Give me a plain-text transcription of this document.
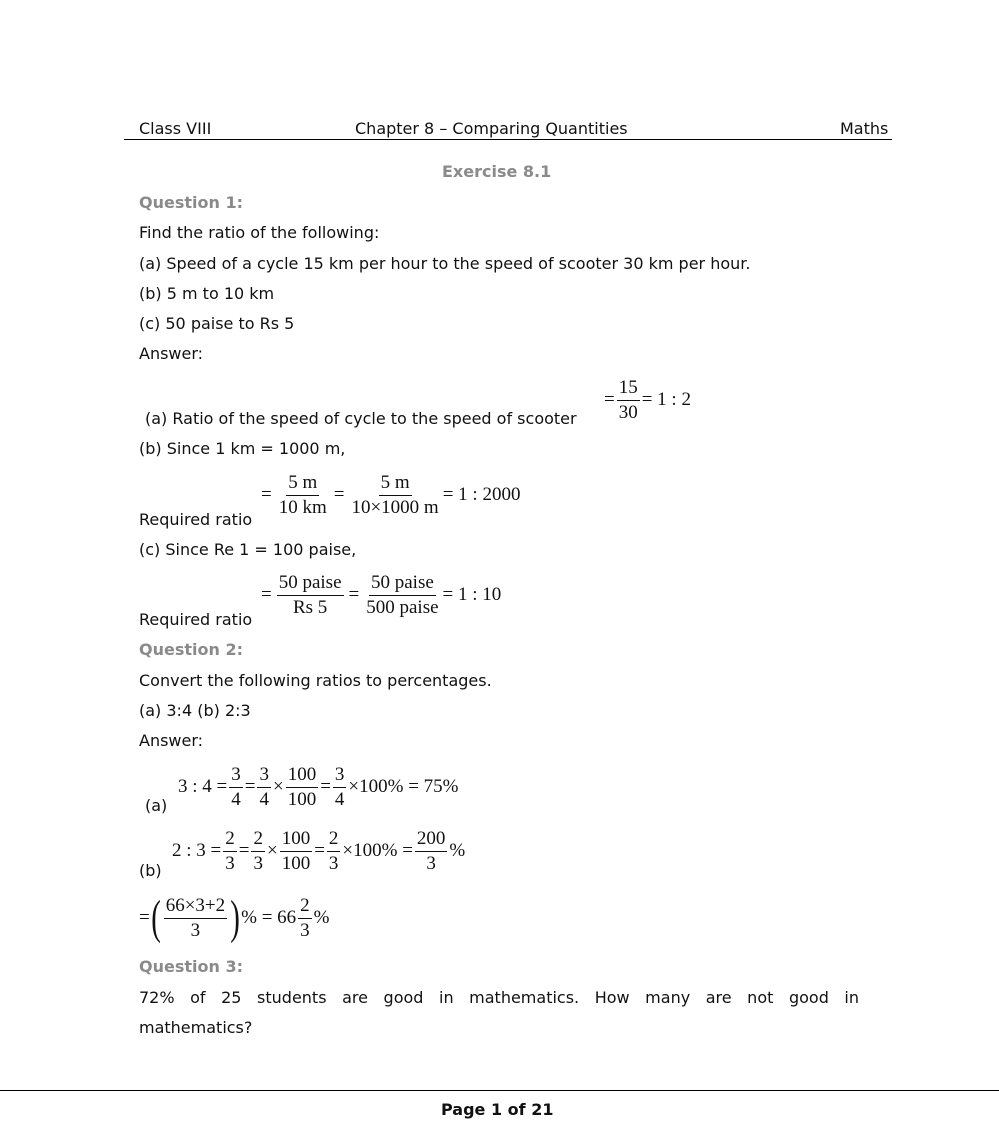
Class VIII	Chapter 8 – Comparing Quantities	Maths
Exercise 8.1
Question 1:
Find the ratio of the following:
(a) Speed of a cycle 15 km per hour to the speed of scooter 30 km per hour.
(b) 5 m to 10 km
(c) 50 paise to Rs 5
Answer:
= $\frac{15}{30} = 1$ : 2
(a) Ratio of the speed of cycle to the speed of scooter
(b) Since 1 km = 1000 m,
= $\frac{5 m}{10 km} = \frac{5 m}{10\times 1000 m} = 1$ : 2000
Required ratio
(c) Since Re 1 = 100 paise,
= $\frac{\text{50 paise}}{Rs 5} = \frac{\text{50 paise}}{\text{500 paise}} = 1$ : 10
Required ratio
Question 2:
Convert the following ratios to percentages.
(a) 3:4 (b) 2:3
Answer:
3 : $4 = \frac{3}{4} = \frac{3}{4} \times \frac{100}{100} = \frac{3}{4} \times 100\% = 75\%$
(a)
2 : $3 = \frac{2}{3} = \frac{2}{3} \times \frac{100}{100} = \frac{2}{3} \times 100\% = \frac{200}{3}$ %
(b)
= ( $\frac{66\times 3+2}{3}$ ) % = $66 \frac{2}{3}$ %
Question 3:
72% of 25 students are good in mathematics. How many are not good in
mathematics?
Page 1 of 21
